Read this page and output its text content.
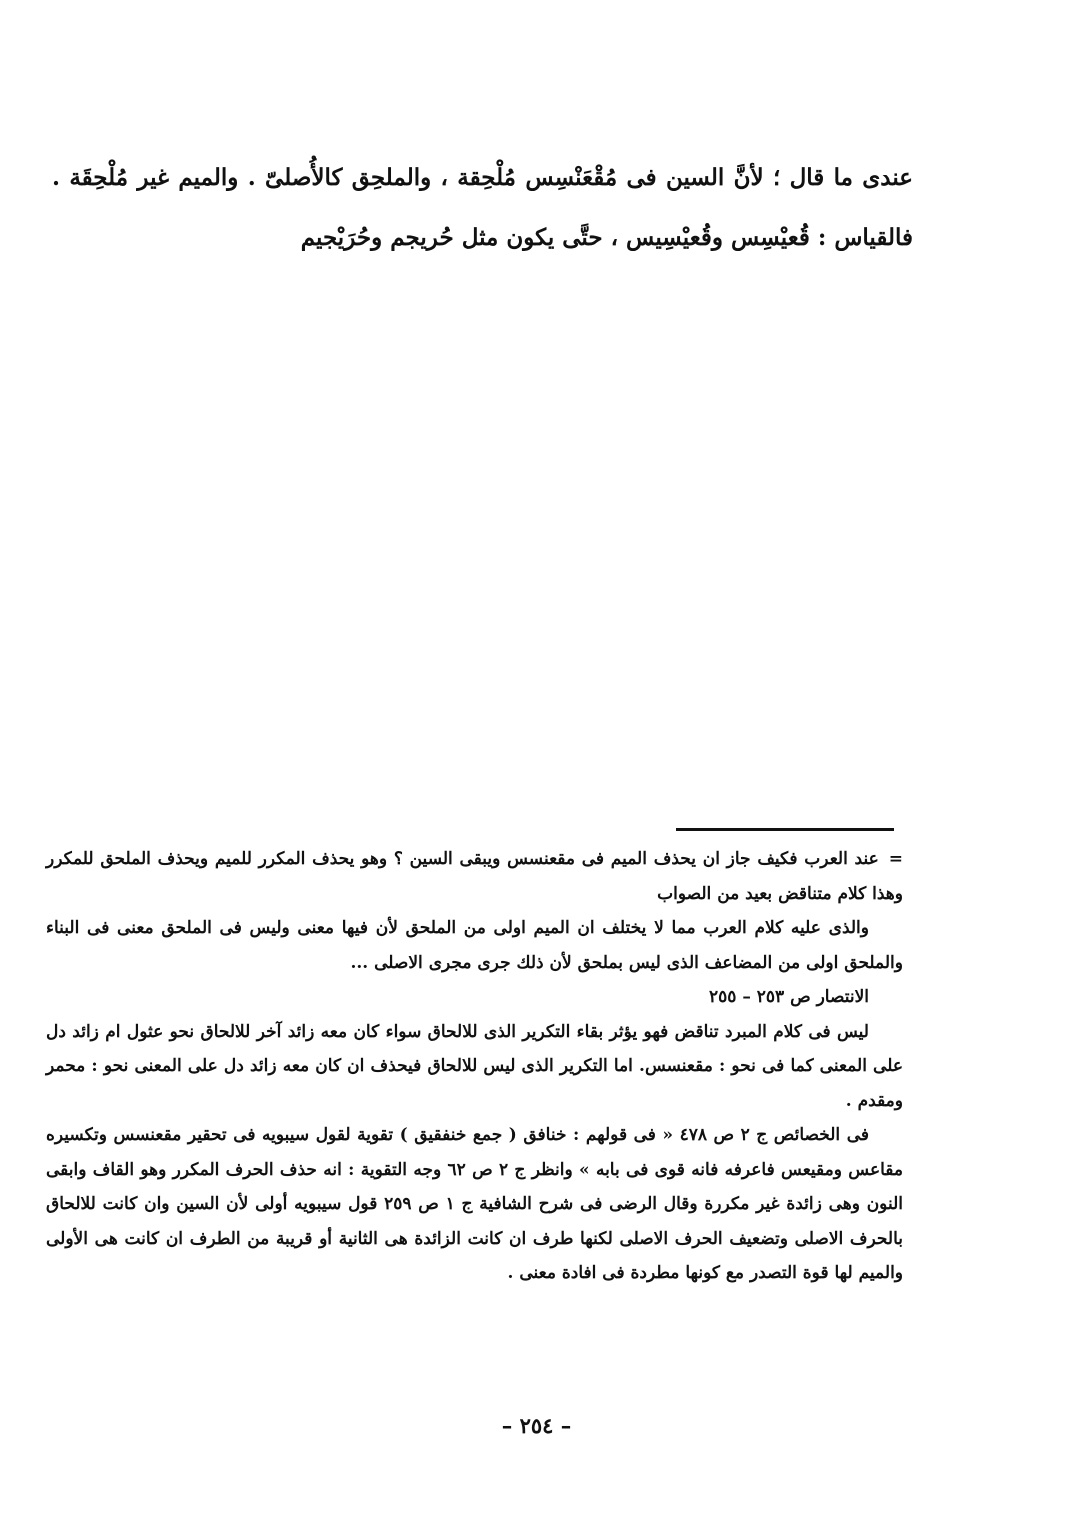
عندى ما قال ؛ لأنَّ السين فى مُقْعَنْسِس مُلْحِقة ، والملحِق كالأُصلىّ . والميم غير مُلْحِقَة . فالقياس : قُعيْسِس وقُعيْسِيس ، حتَّى يكون مثل حُريجم وحُرَيْجيم

=عند العرب فكيف جاز ان يحذف الميم فى مقعنسس ويبقى السين ؟ وهو يحذف المكرر للميم ويحذف الملحق للمكرر وهذا كلام متناقض بعيد من الصواب

والذى عليه كلام العرب مما لا يختلف ان الميم اولى من الملحق لأن فيها معنى وليس فى الملحق معنى فى البناء والملحق اولى من المضاعف الذى ليس بملحق لأن ذلك جرى مجرى الاصلى ...

الانتصار ص ٢٥٣ – ٢٥٥

ليس فى كلام المبرد تناقض فهو يؤثر بقاء التكرير الذى للالحاق سواء كان معه زائد آخر للالحاق نحو عثول ام زائد دل على المعنى كما فى نحو : مقعنسس. اما التكرير الذى ليس للالحاق فيحذف ان كان معه زائد دل على المعنى نحو : محمر ومقدم .

فى الخصائص ج ٢ ص ٤٧٨ « فى قولهم : خنافق ( جمع خنفقيق ) تقوية لقول سيبويه فى تحقير مقعنسس وتكسيره مقاعس ومقيعس فاعرفه فانه قوى فى بابه » وانظر ج ٢ ص ٦٢ وجه التقوية : انه حذف الحرف المكرر وهو القاف وابقى النون وهى زائدة غير مكررة وقال الرضى فى شرح الشافية ج ١ ص ٢٥٩ قول سيبويه أولى لأن السين وان كانت للالحاق بالحرف الاصلى وتضعيف الحرف الاصلى لكنها طرف ان كانت الزائدة هى الثانية أو قريبة من الطرف ان كانت هى الأولى والميم لها قوة التصدر مع كونها مطردة فى افادة معنى .

– ٢٥٤ –
